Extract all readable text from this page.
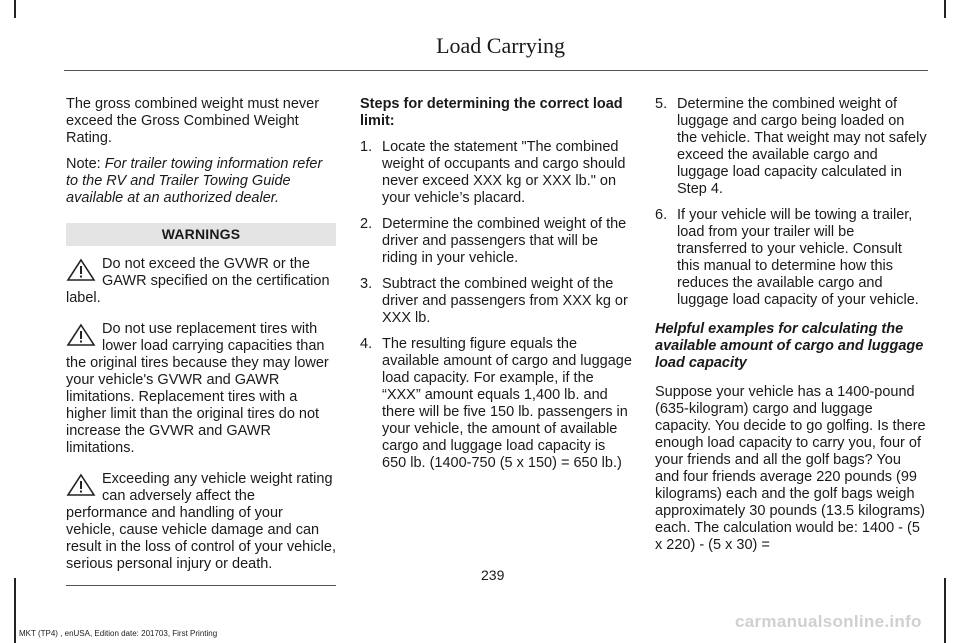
Load Carrying

The gross combined weight must never exceed the Gross Combined Weight Rating.

Note: For trailer towing information refer to the RV and Trailer Towing Guide available at an authorized dealer.

WARNINGS
Do not exceed the GVWR or the GAWR specified on the certification label.
Do not use replacement tires with lower load carrying capacities than the original tires because they may lower your vehicle's GVWR and GAWR limitations. Replacement tires with a higher limit than the original tires do not increase the GVWR and GAWR limitations.
Exceeding any vehicle weight rating can adversely affect the performance and handling of your vehicle, cause vehicle damage and can result in the loss of control of your vehicle, serious personal injury or death.

Steps for determining the correct load limit:

1. Locate the statement "The combined weight of occupants and cargo should never exceed XXX kg or XXX lb." on your vehicle’s placard.
2. Determine the combined weight of the driver and passengers that will be riding in your vehicle.
3. Subtract the combined weight of the driver and passengers from XXX kg or XXX lb.
4. The resulting figure equals the available amount of cargo and luggage load capacity. For example, if the “XXX” amount equals 1,400 lb. and there will be five 150 lb. passengers in your vehicle, the amount of available cargo and luggage load capacity is 650 lb. (1400-750 (5 x 150) = 650 lb.)
5. Determine the combined weight of luggage and cargo being loaded on the vehicle. That weight may not safely exceed the available cargo and luggage load capacity calculated in Step 4.
6. If your vehicle will be towing a trailer, load from your trailer will be transferred to your vehicle. Consult this manual to determine how this reduces the available cargo and luggage load capacity of your vehicle.

Helpful examples for calculating the available amount of cargo and luggage load capacity

Suppose your vehicle has a 1400-pound (635-kilogram) cargo and luggage capacity. You decide to go golfing. Is there enough load capacity to carry you, four of your friends and all the golf bags? You and four friends average 220 pounds (99 kilograms) each and the golf bags weigh approximately 30 pounds (13.5 kilograms) each. The calculation would be: 1400 - (5 x 220) - (5 x 30) =

239
MKT (TP4) , enUSA, Edition date: 201703, First Printing
carmanualsonline.info
